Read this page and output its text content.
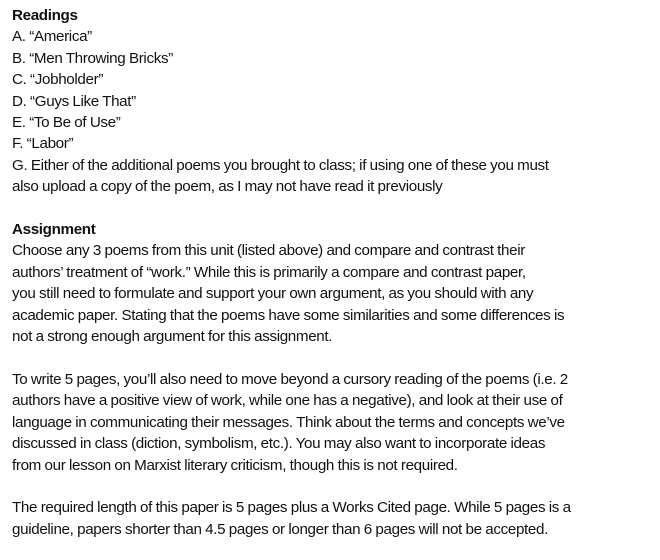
Readings
A. “America”
B. “Men Throwing Bricks”
C. “Jobholder”
D. “Guys Like That”
E. “To Be of Use”
F. “Labor”
G. Either of the additional poems you brought to class; if using one of these you must
also upload a copy of the poem, as I may not have read it previously
Assignment
Choose any 3 poems from this unit (listed above) and compare and contrast their
authors’ treatment of “work.” While this is primarily a compare and contrast paper,
you still need to formulate and support your own argument, as you should with any
academic paper. Stating that the poems have some similarities and some differences is
not a strong enough argument for this assignment.
To write 5 pages, you’ll also need to move beyond a cursory reading of the poems (i.e. 2
authors have a positive view of work, while one has a negative), and look at their use of
language in communicating their messages. Think about the terms and concepts we’ve
discussed in class (diction, symbolism, etc.). You may also want to incorporate ideas
from our lesson on Marxist literary criticism, though this is not required.
The required length of this paper is 5 pages plus a Works Cited page. While 5 pages is a
guideline, papers shorter than 4.5 pages or longer than 6 pages will not be accepted.
